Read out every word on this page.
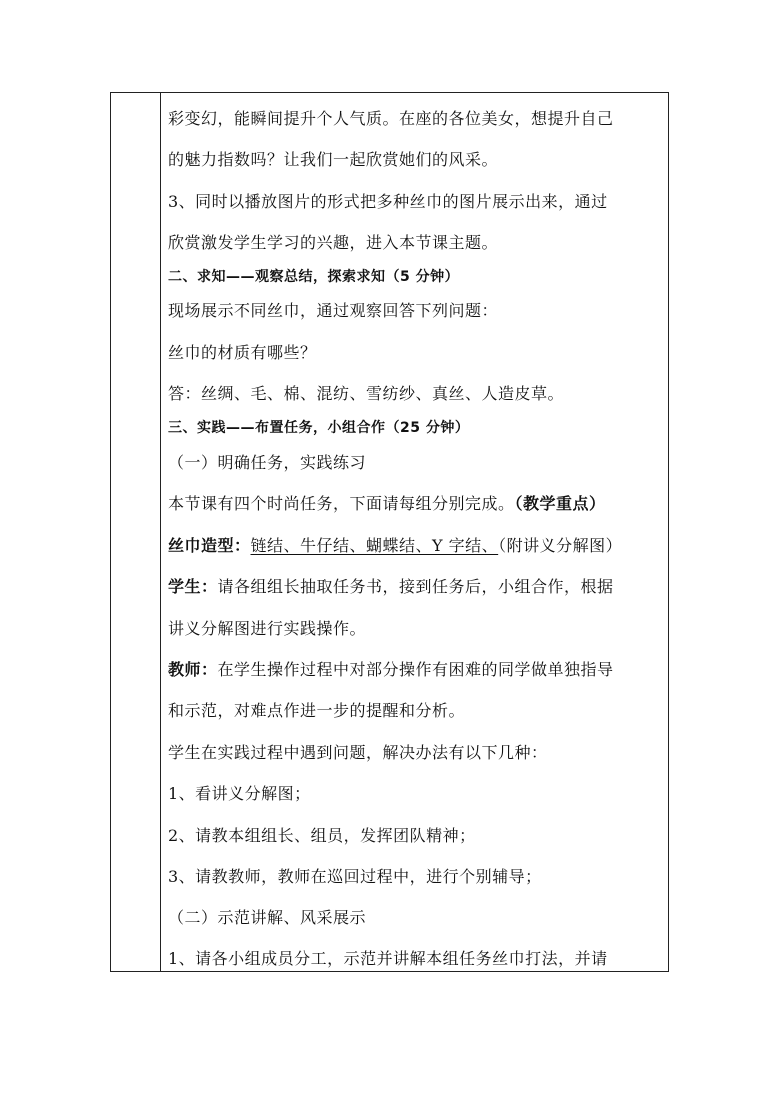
彩变幻，能瞬间提升个人气质。在座的各位美女，想提升自己
的魅力指数吗？让我们一起欣赏她们的风采。
3、同时以播放图片的形式把多种丝巾的图片展示出来，通过
欣赏激发学生学习的兴趣，进入本节课主题。
二、求知——观察总结，探索求知（5 分钟）
现场展示不同丝巾，通过观察回答下列问题：
丝巾的材质有哪些？
答：丝绸、毛、棉、混纺、雪纺纱、真丝、人造皮草。
三、实践——布置任务，小组合作（25 分钟）
（一）明确任务，实践练习
本节课有四个时尚任务，下面请每组分别完成。（教学重点）
丝巾造型：链结、牛仔结、蝴蝶结、Y 字结、（附讲义分解图）
学生：请各组组长抽取任务书，接到任务后，小组合作，根据
讲义分解图进行实践操作。
教师：在学生操作过程中对部分操作有困难的同学做单独指导
和示范，对难点作进一步的提醒和分析。
学生在实践过程中遇到问题，解决办法有以下几种：
1、看讲义分解图；
2、请教本组组长、组员，发挥团队精神；
3、请教教师，教师在巡回过程中，进行个别辅导；
（二）示范讲解、风采展示
1、请各小组成员分工，示范并讲解本组任务丝巾打法，并请
